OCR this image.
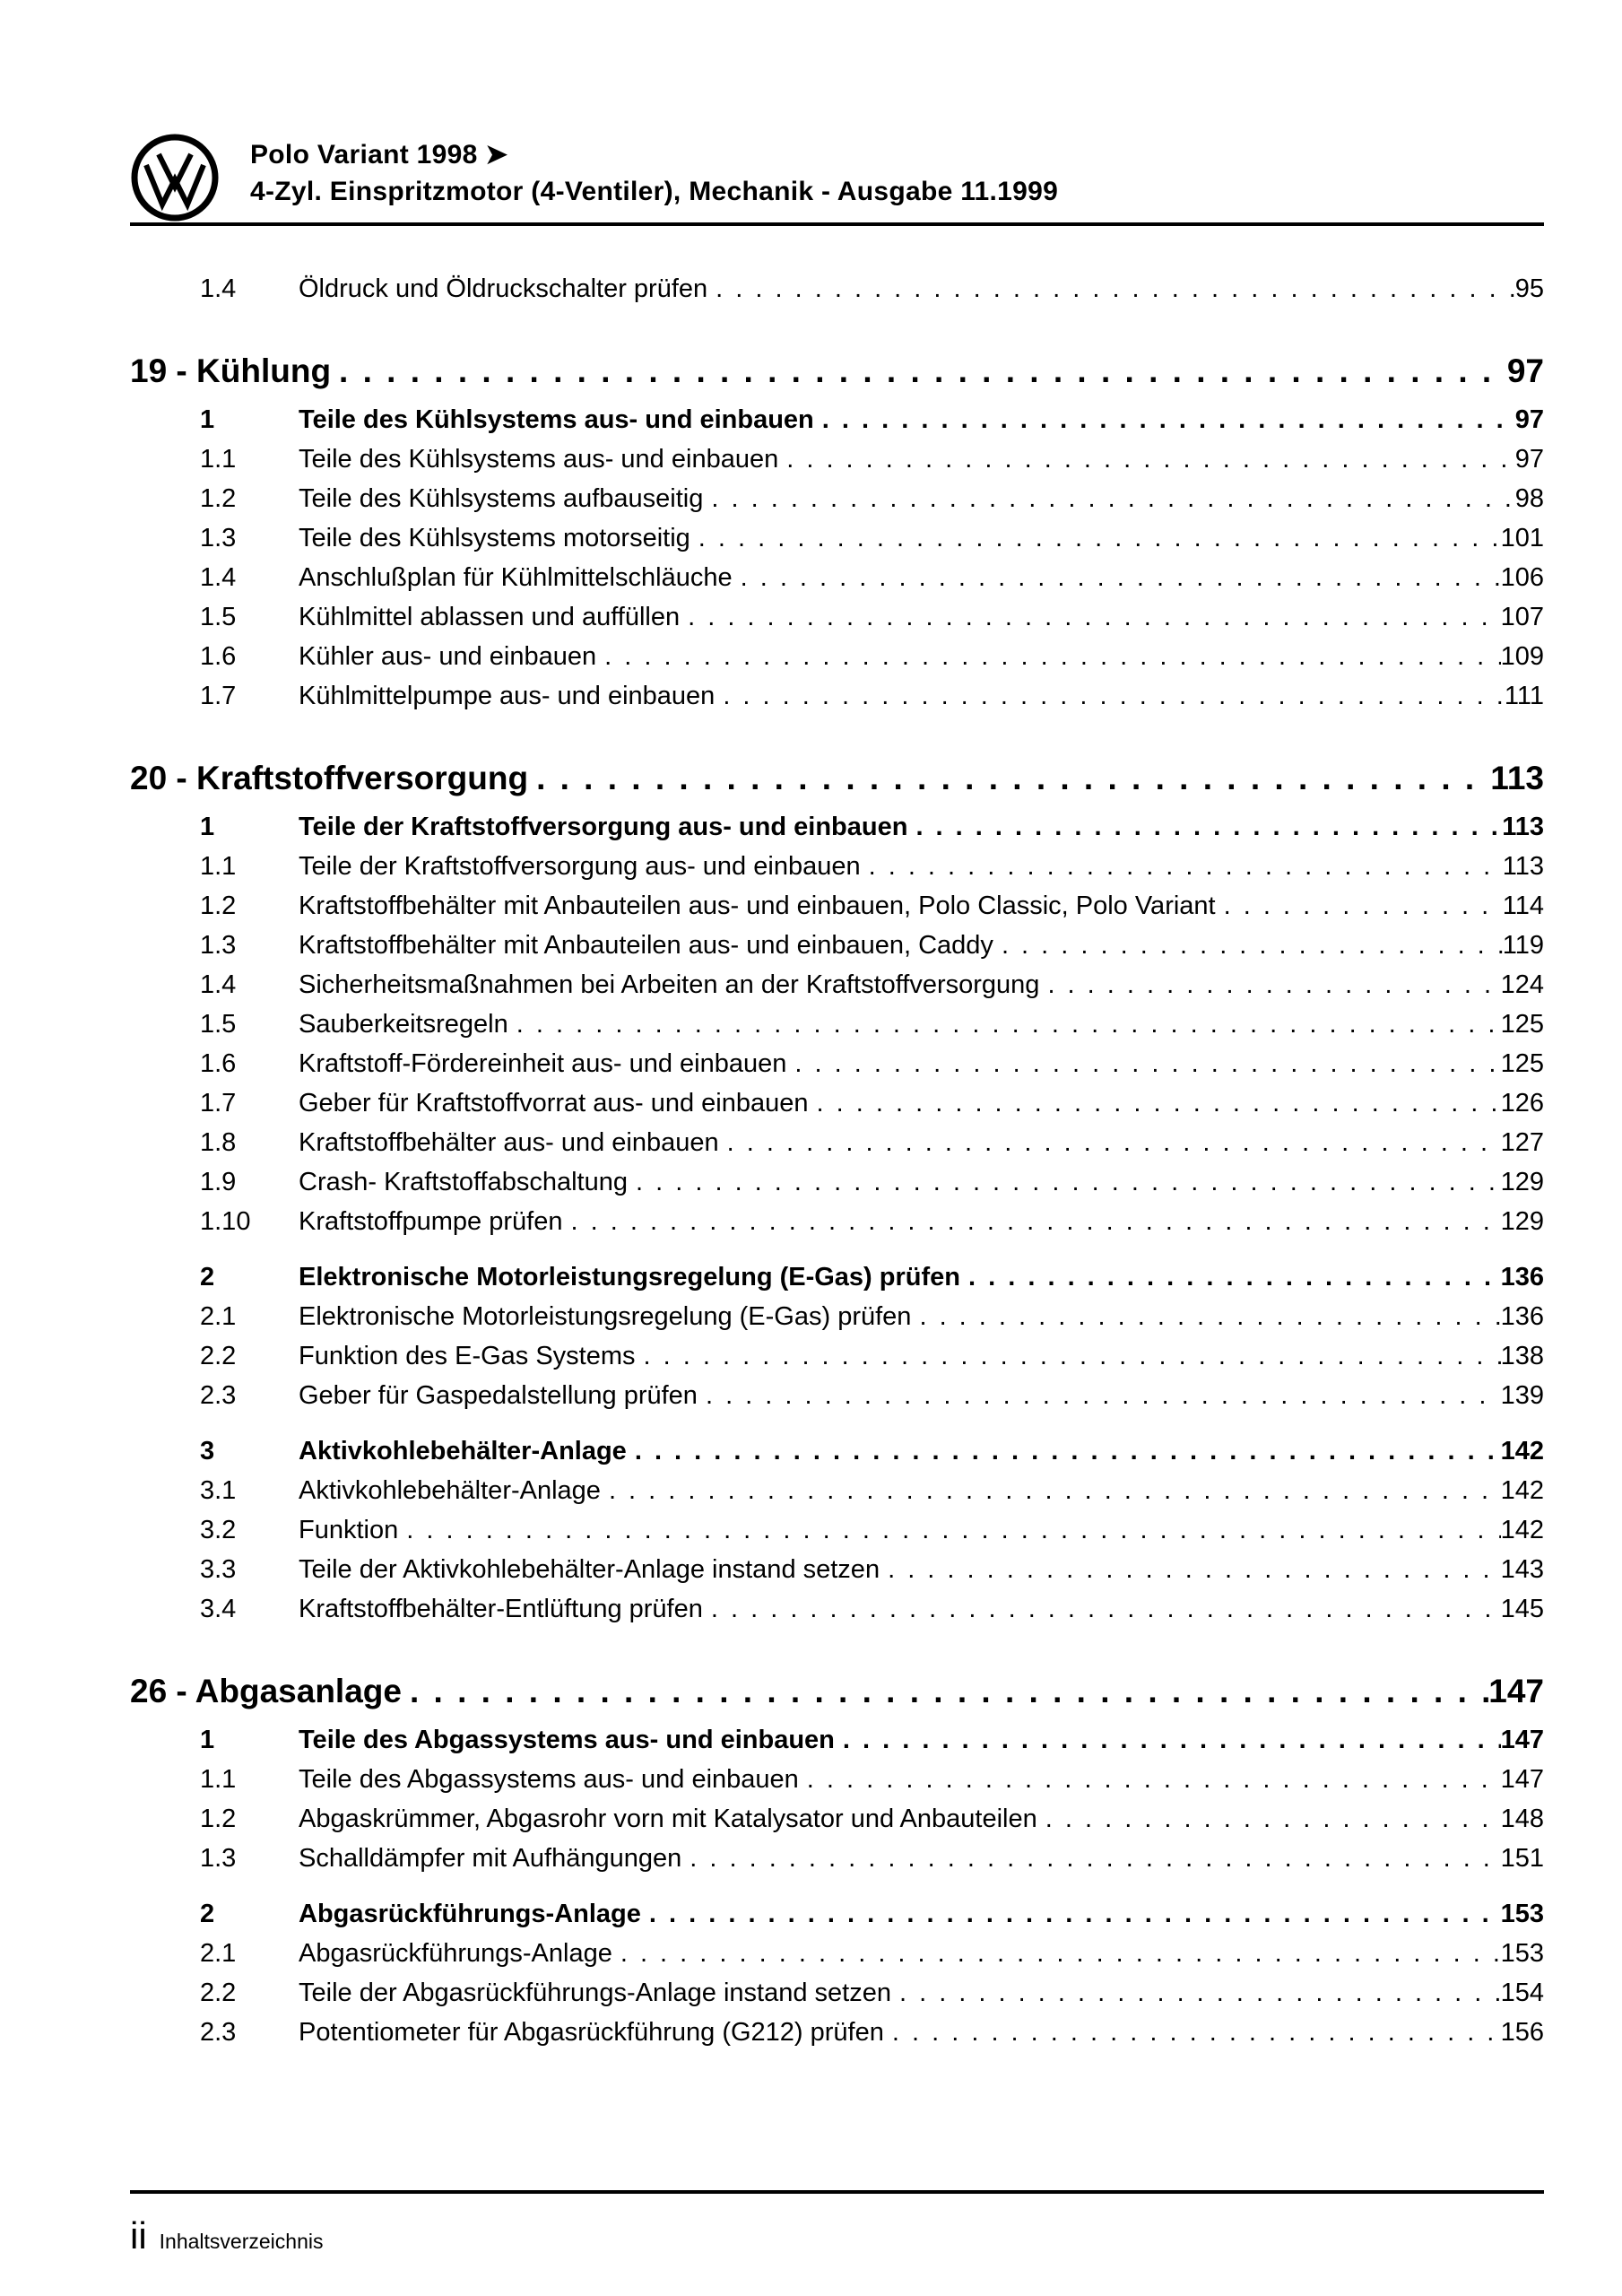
Polo Variant 1998 ➤
4-Zyl. Einspritzmotor (4-Ventiler), Mechanik - Ausgabe 11.1999
1.4	Öldruck und Öldruckschalter prüfen . . .	95
19 - Kühlung . . .	97
1	Teile des Kühlsystems aus- und einbauen . . .	97
1.1	Teile des Kühlsystems aus- und einbauen . . .	97
1.2	Teile des Kühlsystems aufbauseitig . . .	98
1.3	Teile des Kühlsystems motorseitig . . .	101
1.4	Anschlußplan für Kühlmittelschläuche . . .	106
1.5	Kühlmittel ablassen und auffüllen . . .	107
1.6	Kühler aus- und einbauen . . .	109
1.7	Kühlmittelpumpe aus- und einbauen . . .	111
20 - Kraftstoffversorgung . . .	113
1	Teile der Kraftstoffversorgung aus- und einbauen . . .	113
1.1	Teile der Kraftstoffversorgung aus- und einbauen . . .	113
1.2	Kraftstoffbehälter mit Anbauteilen aus- und einbauen, Polo Classic, Polo Variant . . .	114
1.3	Kraftstoffbehälter mit Anbauteilen aus- und einbauen, Caddy . . .	119
1.4	Sicherheitsmaßnahmen bei Arbeiten an der Kraftstoffversorgung . . .	124
1.5	Sauberkeitsregeln . . .	125
1.6	Kraftstoff-Fördereinheit aus- und einbauen . . .	125
1.7	Geber für Kraftstoffvorrat aus- und einbauen . . .	126
1.8	Kraftstoffbehälter aus- und einbauen . . .	127
1.9	Crash- Kraftstoffabschaltung . . .	129
1.10	Kraftstoffpumpe prüfen . . .	129
2	Elektronische Motorleistungsregelung (E-Gas) prüfen . . .	136
2.1	Elektronische Motorleistungsregelung (E-Gas) prüfen . . .	136
2.2	Funktion des E-Gas Systems . . .	138
2.3	Geber für Gaspedalstellung prüfen . . .	139
3	Aktivkohlebehälter-Anlage . . .	142
3.1	Aktivkohlebehälter-Anlage . . .	142
3.2	Funktion . . .	142
3.3	Teile der Aktivkohlebehälter-Anlage instand setzen . . .	143
3.4	Kraftstoffbehälter-Entlüftung prüfen . . .	145
26 - Abgasanlage . . .	147
1	Teile des Abgassystems aus- und einbauen . . .	147
1.1	Teile des Abgassystems aus- und einbauen . . .	147
1.2	Abgaskrümmer, Abgasrohr vorn mit Katalysator und Anbauteilen . . .	148
1.3	Schalldämpfer mit Aufhängungen . . .	151
2	Abgasrückführungs-Anlage . . .	153
2.1	Abgasrückführungs-Anlage . . .	153
2.2	Teile der Abgasrückführungs-Anlage instand setzen . . .	154
2.3	Potentiometer für Abgasrückführung (G212) prüfen . . .	156
ii Inhaltsverzeichnis
